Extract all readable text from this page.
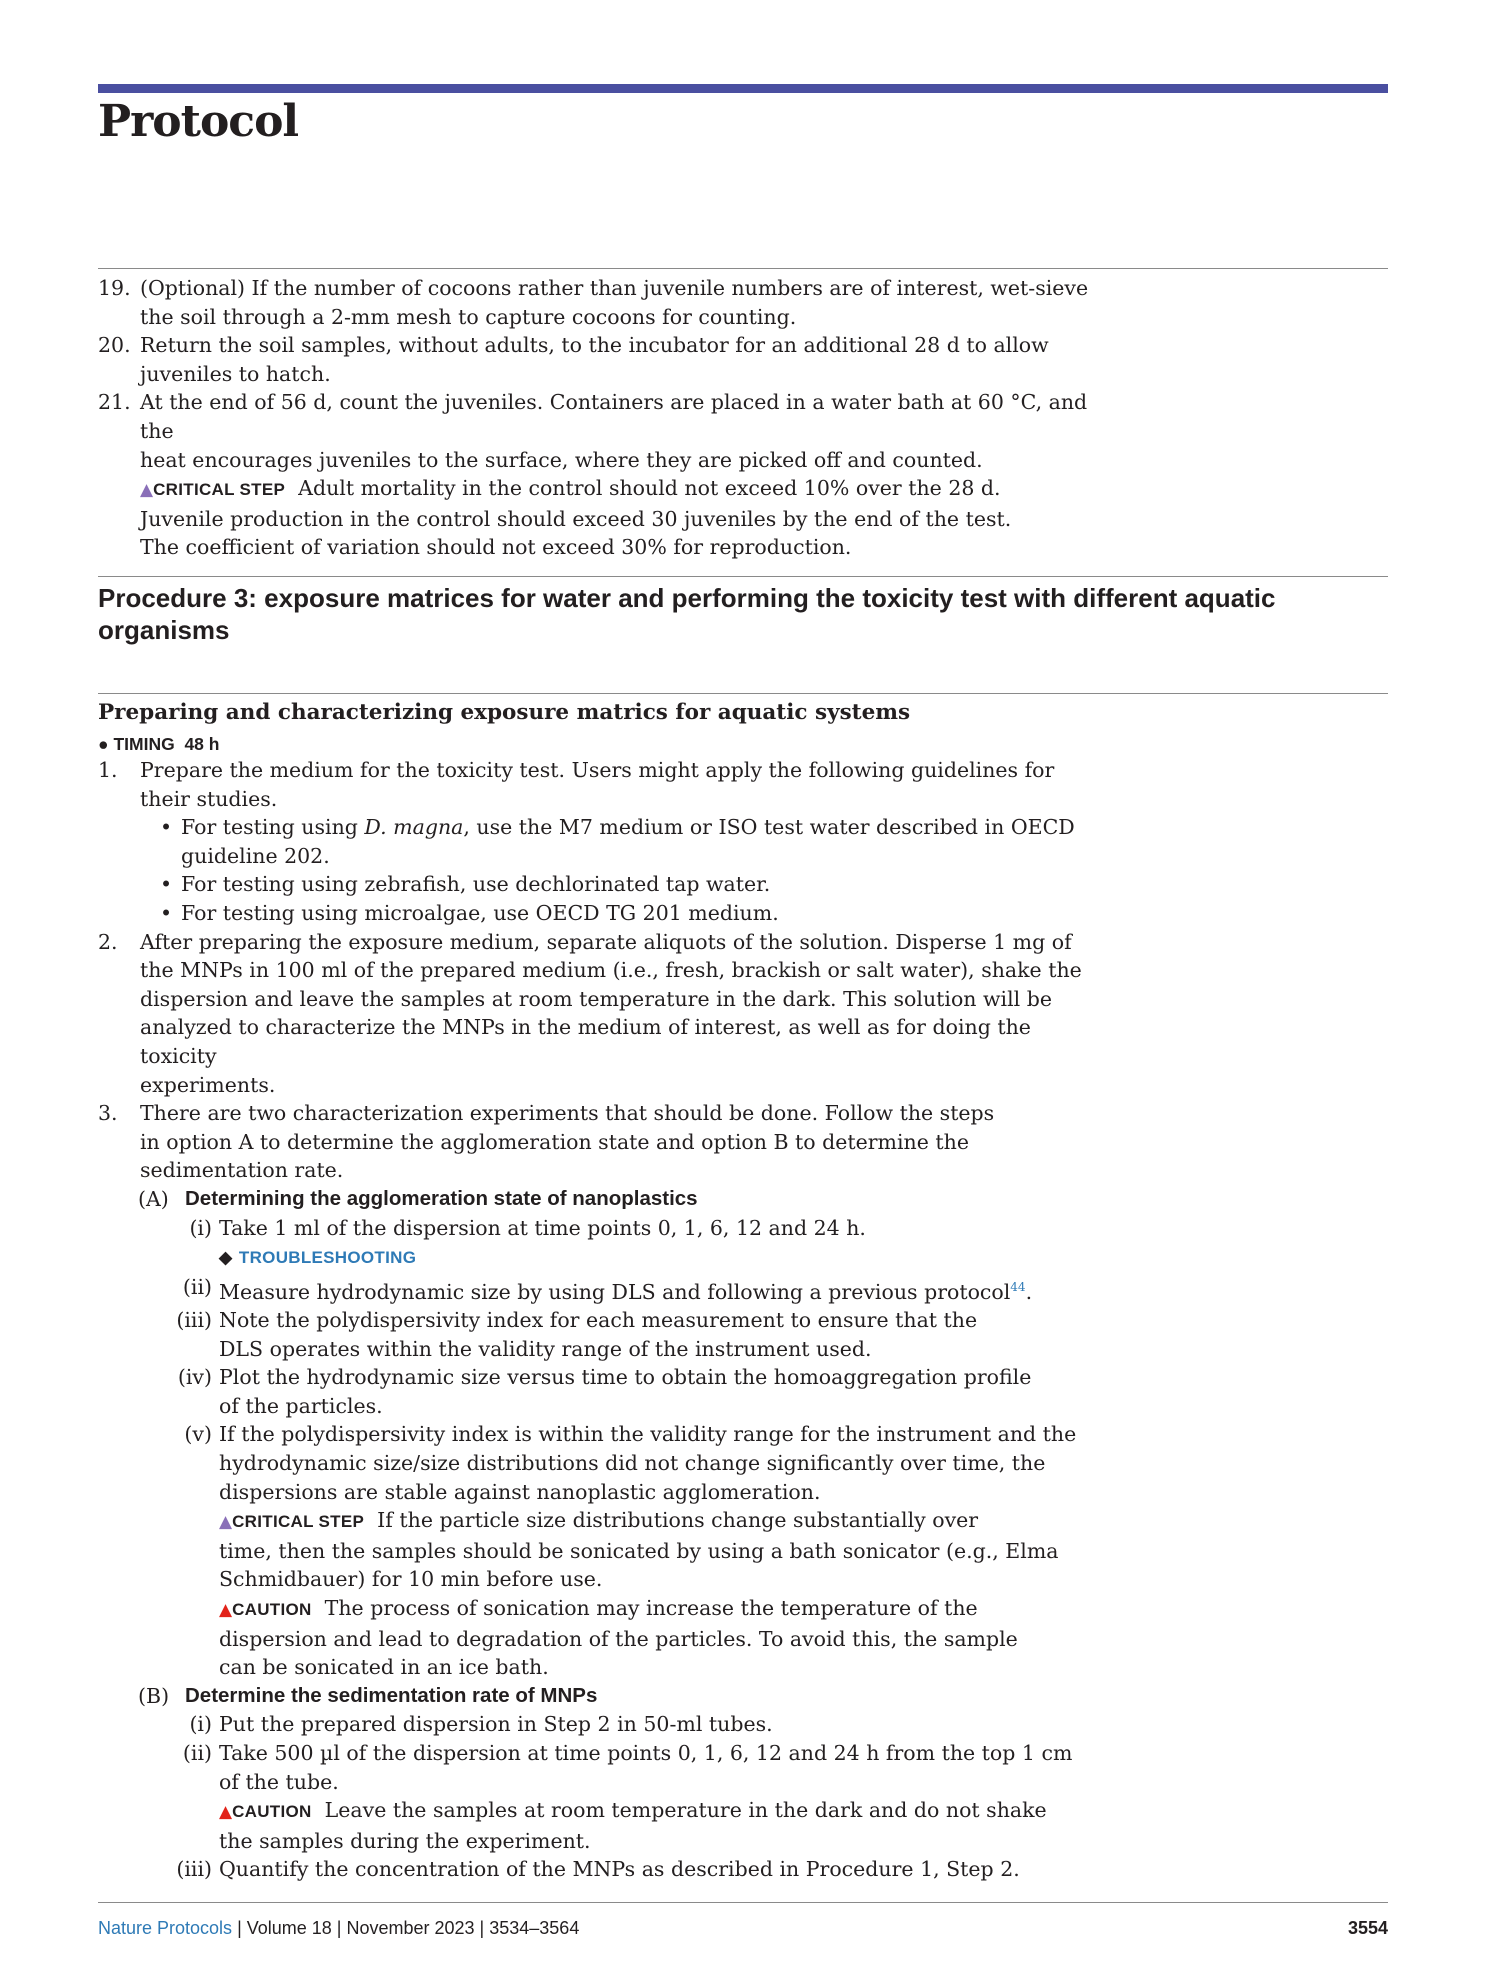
Protocol
19. (Optional) If the number of cocoons rather than juvenile numbers are of interest, wet-sieve
the soil through a 2-mm mesh to capture cocoons for counting.
20. Return the soil samples, without adults, to the incubator for an additional 28 d to allow
juveniles to hatch.
21. At the end of 56 d, count the juveniles. Containers are placed in a water bath at 60 °C, and the
heat encourages juveniles to the surface, where they are picked off and counted.
▲CRITICAL STEP Adult mortality in the control should not exceed 10% over the 28 d.
Juvenile production in the control should exceed 30 juveniles by the end of the test.
The coefficient of variation should not exceed 30% for reproduction.
Procedure 3: exposure matrices for water and performing the toxicity test with different aquatic
organisms
Preparing and characterizing exposure matrics for aquatic systems
● TIMING 48 h
1.	Prepare the medium for the toxicity test. Users might apply the following guidelines for
their studies.
• For testing using D. magna, use the M7 medium or ISO test water described in OECD
guideline 202.
• For testing using zebrafish, use dechlorinated tap water.
• For testing using microalgae, use OECD TG 201 medium.
2.	After preparing the exposure medium, separate aliquots of the solution. Disperse 1 mg of
the MNPs in 100 ml of the prepared medium (i.e., fresh, brackish or salt water), shake the
dispersion and leave the samples at room temperature in the dark. This solution will be
analyzed to characterize the MNPs in the medium of interest, as well as for doing the toxicity
experiments.
3.	There are two characterization experiments that should be done. Follow the steps
in option A to determine the agglomeration state and option B to determine the
sedimentation rate.
(A) Determining the agglomeration state of nanoplastics
(i) Take 1 ml of the dispersion at time points 0, 1, 6, 12 and 24 h.
◆ TROUBLESHOOTING
(ii) Measure hydrodynamic size by using DLS and following a previous protocol$^{44}$.
(iii) Note the polydispersivity index for each measurement to ensure that the
DLS operates within the validity range of the instrument used.
(iv) Plot the hydrodynamic size versus time to obtain the homoaggregation profile
of the particles.
(v) If the polydispersivity index is within the validity range for the instrument and the
hydrodynamic size/size distributions did not change significantly over time, the
dispersions are stable against nanoplastic agglomeration.
▲CRITICAL STEP If the particle size distributions change substantially over
time, then the samples should be sonicated by using a bath sonicator (e.g., Elma
Schmidbauer) for 10 min before use.
▲CAUTION The process of sonication may increase the temperature of the
dispersion and lead to degradation of the particles. To avoid this, the sample
can be sonicated in an ice bath.
(B) Determine the sedimentation rate of MNPs
(i) Put the prepared dispersion in Step 2 in 50-ml tubes.
(ii) Take 500 µl of the dispersion at time points 0, 1, 6, 12 and 24 h from the top 1 cm
of the tube.
▲CAUTION Leave the samples at room temperature in the dark and do not shake
the samples during the experiment.
(iii) Quantify the concentration of the MNPs as described in Procedure 1, Step 2.
Nature Protocols | Volume 18 | November 2023 | 3534–3564	3554
